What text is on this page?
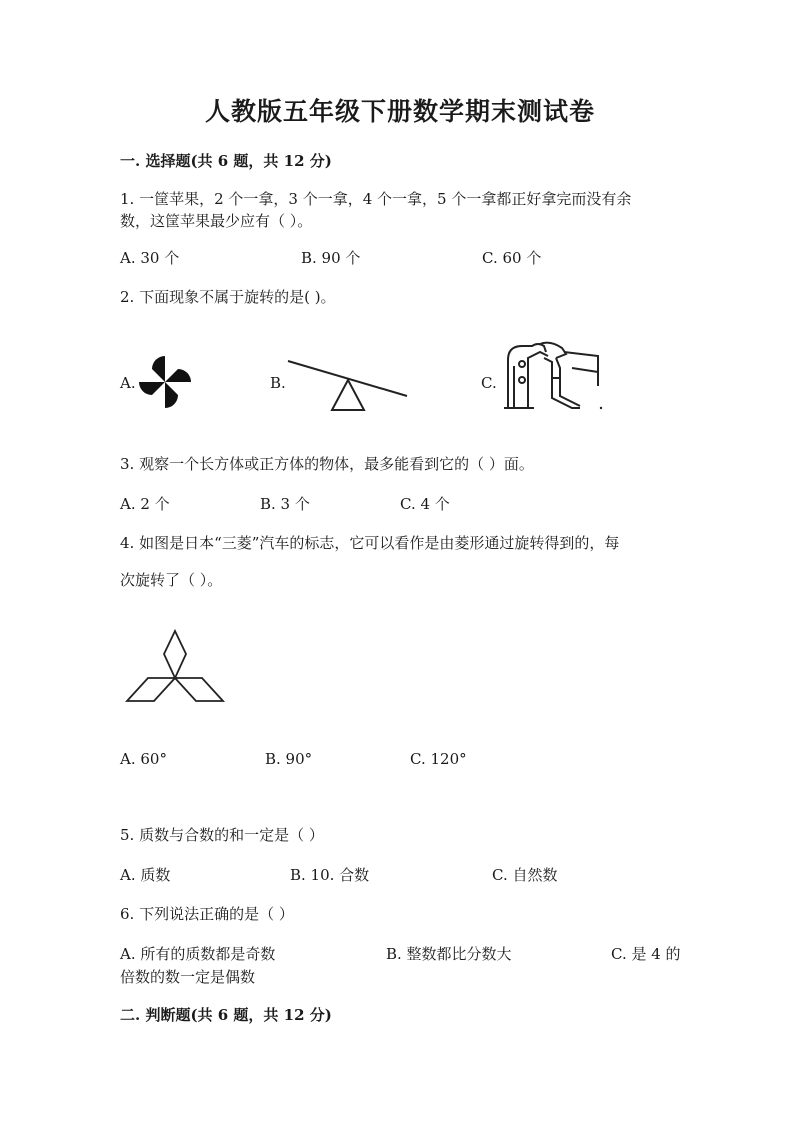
人教版五年级下册数学期末测试卷
一. 选择题(共 6 题，共 12 分)
1. 一筐苹果，2 个一拿，3 个一拿，4 个一拿，5 个一拿都正好拿完而没有余
数，这筐苹果最少应有（ ）。
A. 30 个	B. 90 个	C. 60 个
2. 下面现象不属于旋转的是( )。
A.	B.	C.
3. 观察一个长方体或正方体的物体，最多能看到它的（ ）面。
A. 2 个	B. 3 个	C. 4 个
4. 如图是日本“三菱”汽车的标志，它可以看作是由菱形通过旋转得到的，每
次旋转了（ ）。
A. 60°	B. 90°	C. 120°
5. 质数与合数的和一定是（ ）
A. 质数	B. 10. 合数	C. 自然数
6. 下列说法正确的是（ ）
A. 所有的质数都是奇数	B. 整数都比分数大	C. 是 4 的
倍数的数一定是偶数
二. 判断题(共 6 题，共 12 分)
